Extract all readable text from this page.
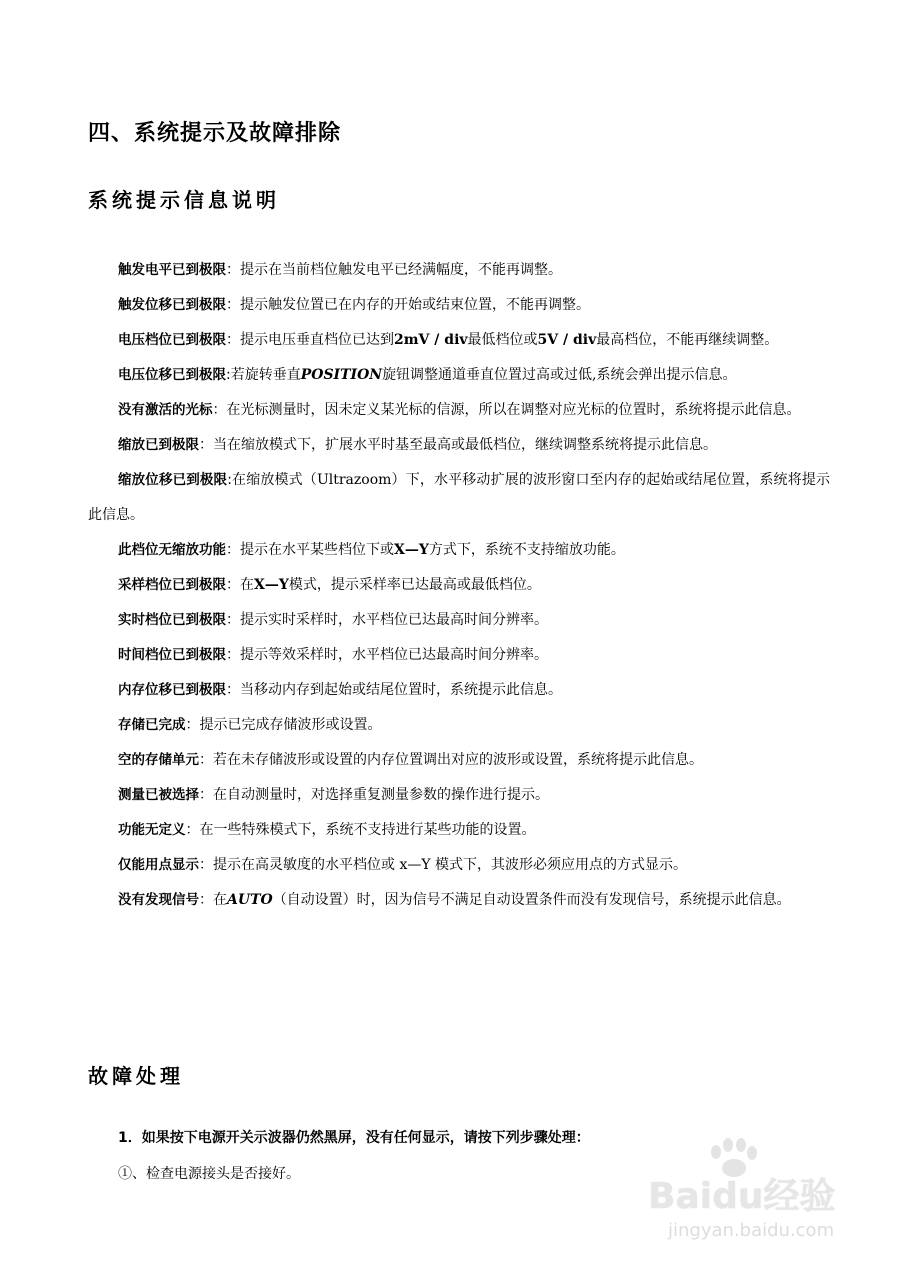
四、系统提示及故障排除
系统提示信息说明

触发电平已到极限：提示在当前档位触发电平已经满幅度，不能再调整。

触发位移已到极限：提示触发位置已在内存的开始或结束位置，不能再调整。

电压档位已到极限：提示电压垂直档位已达到2mV / div最低档位或5V / div最高档位，不能再继续调整。

电压位移已到极限:若旋转垂直POSITION旋钮调整通道垂直位置过高或过低,系统会弹出提示信息。

没有激活的光标：在光标测量时，因未定义某光标的信源，所以在调整对应光标的位置时，系统将提示此信息。

缩放已到极限：当在缩放模式下，扩展水平时基至最高或最低档位，继续调整系统将提示此信息。

缩放位移已到极限:在缩放模式（Ultrazoom）下，水平移动扩展的波形窗口至内存的起始或结尾位置，系统将提示此信息。

此档位无缩放功能：提示在水平某些档位下或X—Y方式下，系统不支持缩放功能。

采样档位已到极限：在X—Y模式，提示采样率已达最高或最低档位。

实时档位已到极限：提示实时采样时，水平档位已达最高时间分辨率。

时间档位已到极限：提示等效采样时，水平档位已达最高时间分辨率。

内存位移已到极限：当移动内存到起始或结尾位置时，系统提示此信息。

存储已完成：提示已完成存储波形或设置。

空的存储单元：若在未存储波形或设置的内存位置调出对应的波形或设置，系统将提示此信息。

测量已被选择：在自动测量时，对选择重复测量参数的操作进行提示。

功能无定义：在一些特殊模式下，系统不支持进行某些功能的设置。

仅能用点显示：提示在高灵敏度的水平档位或 x—Y 模式下，其波形必须应用点的方式显示。

没有发现信号：在AUTO（自动设置）时，因为信号不满足自动设置条件而没有发现信号，系统提示此信息。

故障处理

1．如果按下电源开关示波器仍然黑屏，没有任何显示，请按下列步骤处理：

①、检查电源接头是否接好。

Baidu经验
jingyan.baidu.com
